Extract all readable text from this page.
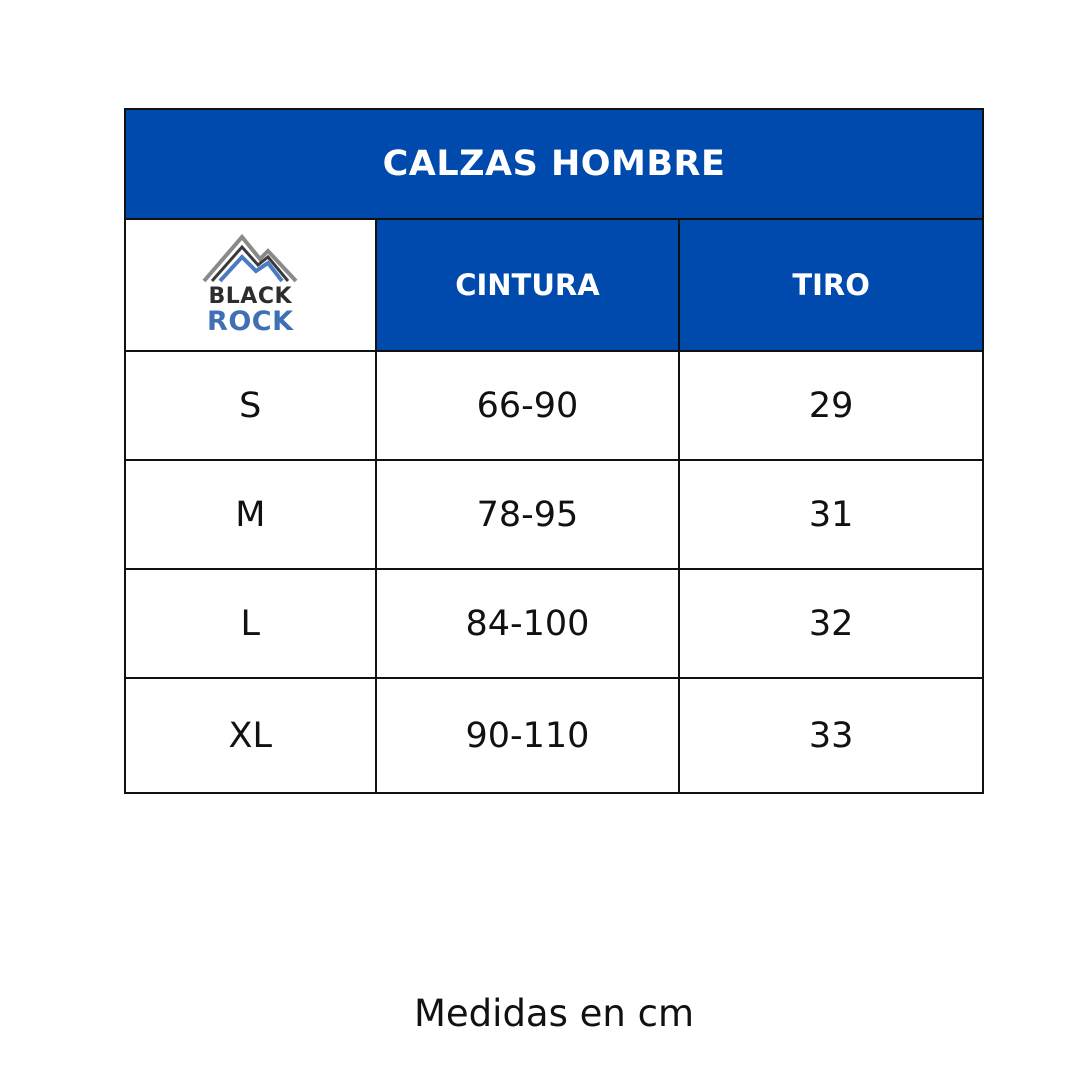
CALZAS HOMBRE		

BLACK
ROCK	CINTURA	TIRO
S	66-90	29
M	78-95	31
L	84-100	32
XL	90-110	33
Medidas en cm
